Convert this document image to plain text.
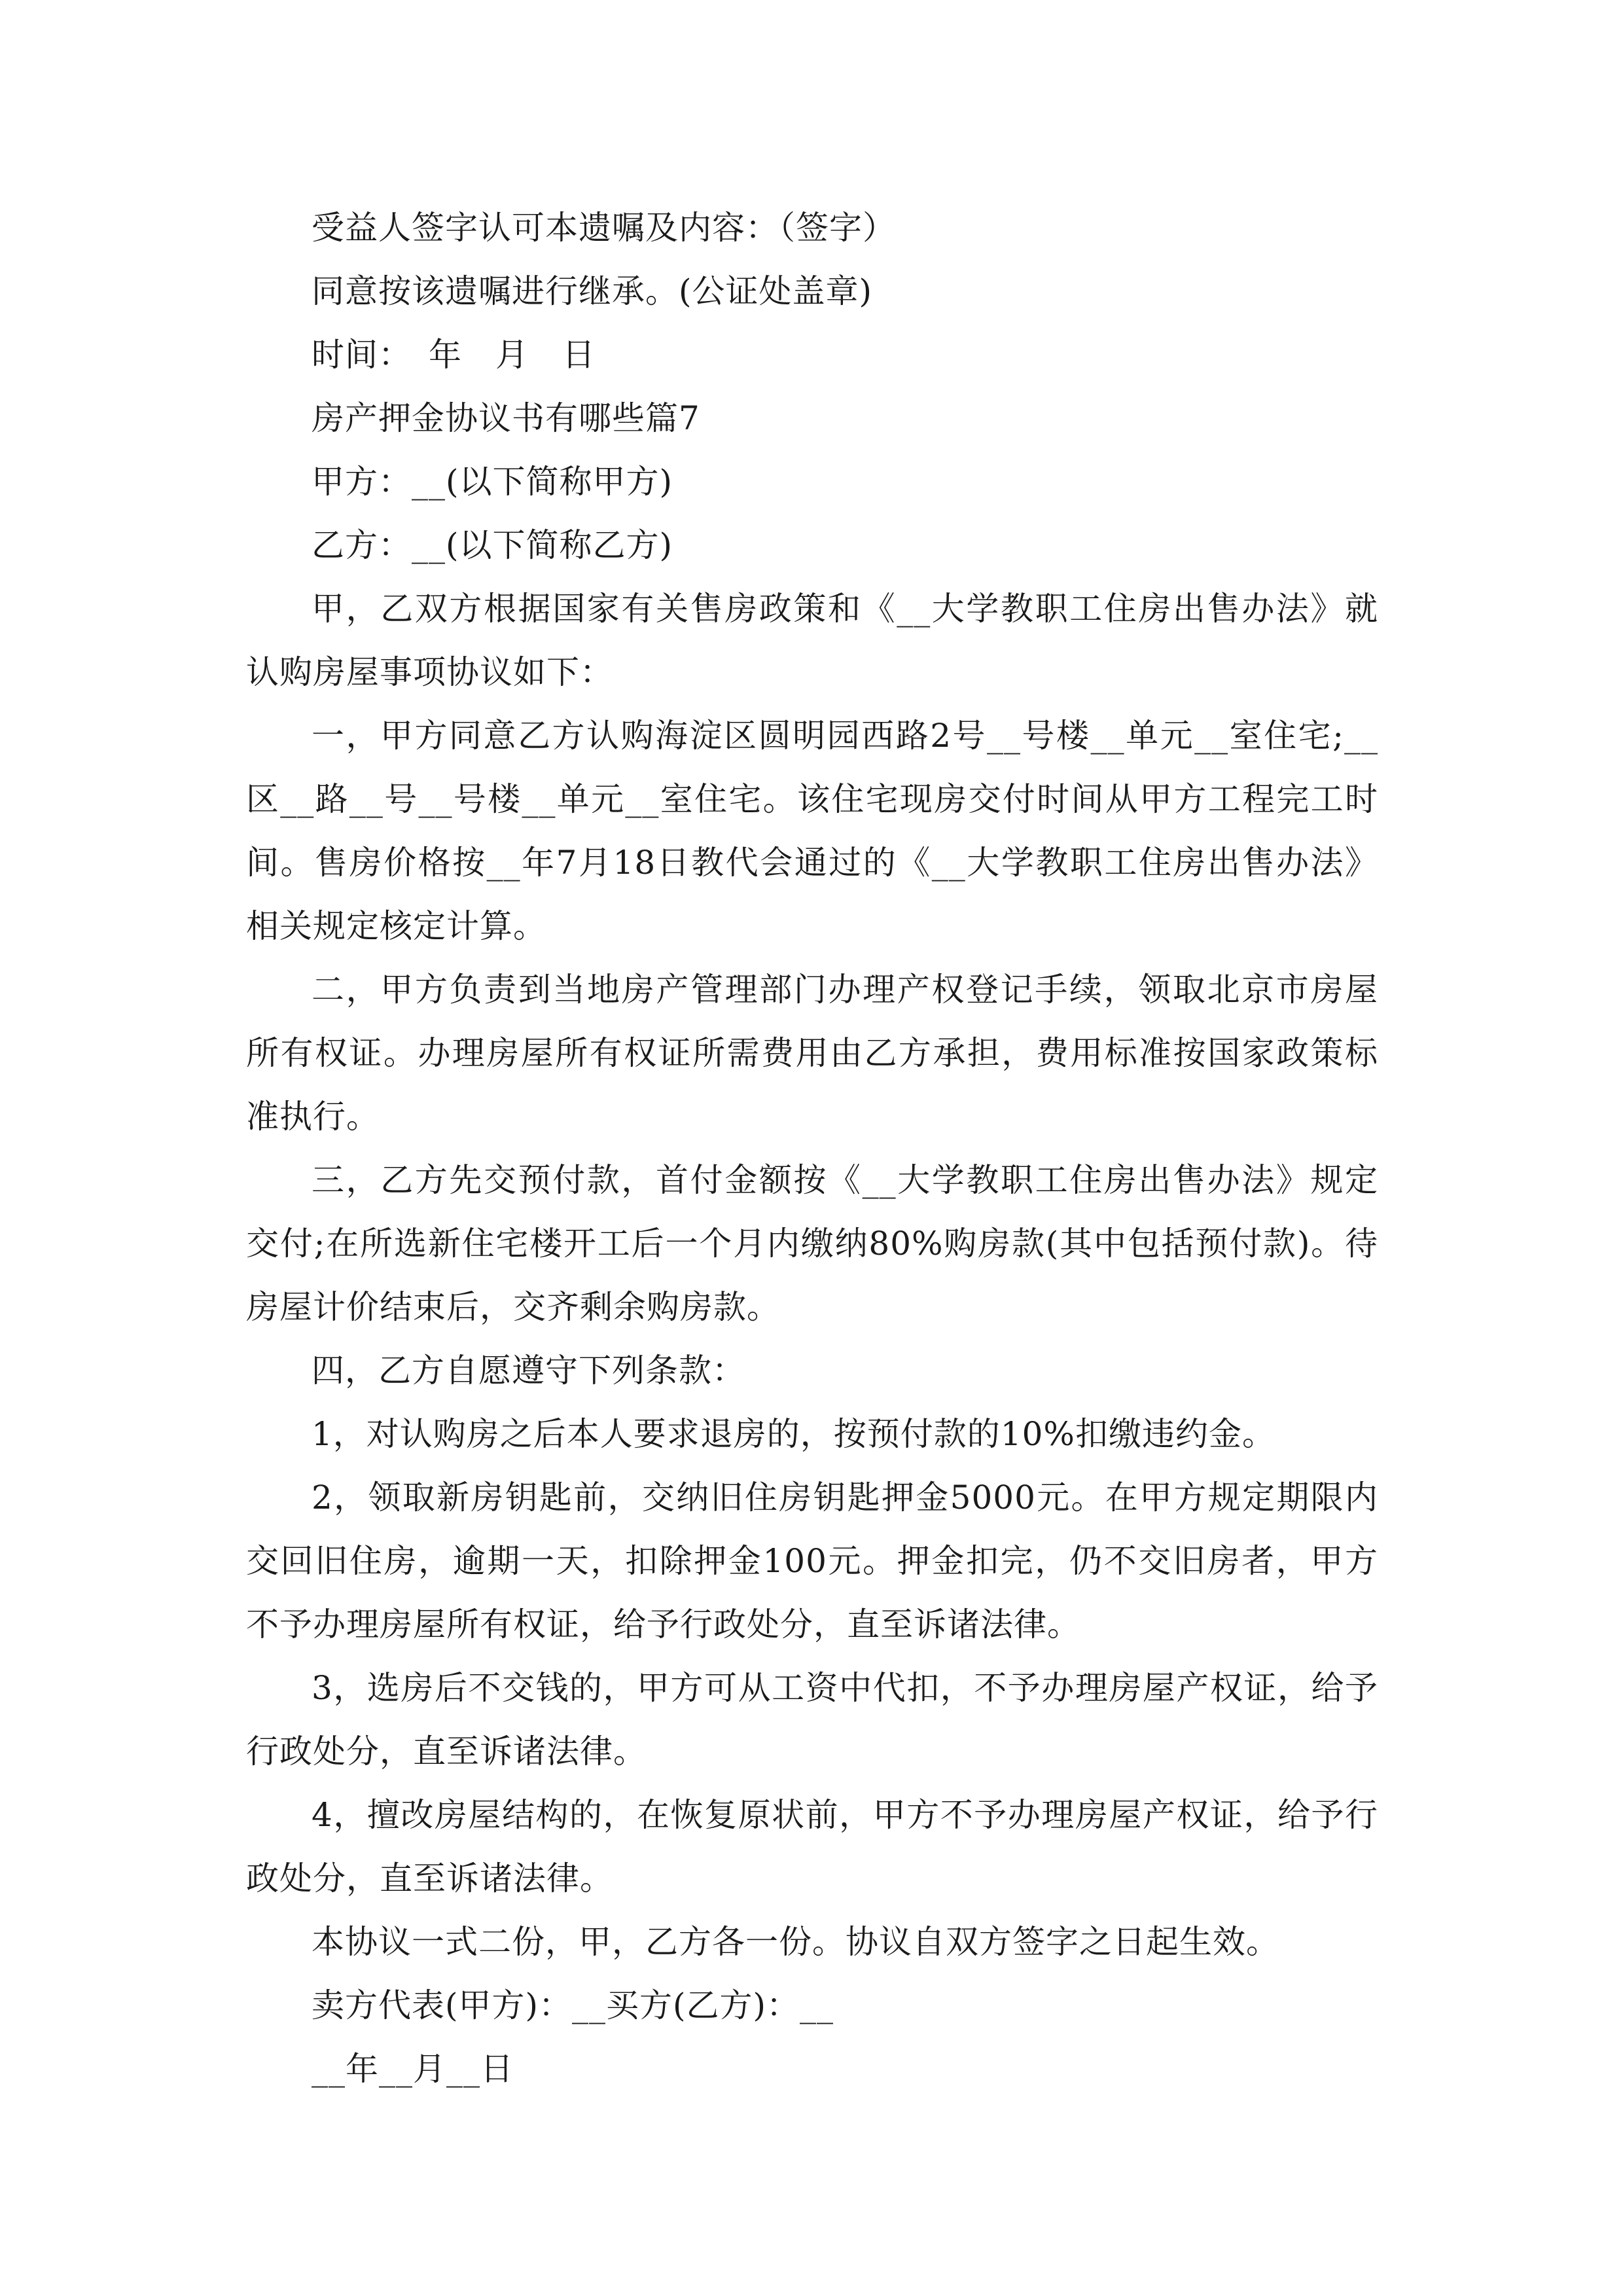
受益人签字认可本遗嘱及内容：（签字）

同意按该遗嘱进行继承。(公证处盖章)

时间：　年　月　日

房产押金协议书有哪些篇7

甲方：__(以下简称甲方)

乙方：__(以下简称乙方)

甲，乙双方根据国家有关售房政策和《__大学教职工住房出售办法》就认购房屋事项协议如下：

一，甲方同意乙方认购海淀区圆明园西路2号__号楼__单元__室住宅;__区__路__号__号楼__单元__室住宅。该住宅现房交付时间从甲方工程完工时间。售房价格按__年7月18日教代会通过的《__大学教职工住房出售办法》相关规定核定计算。

二，甲方负责到当地房产管理部门办理产权登记手续，领取北京市房屋所有权证。办理房屋所有权证所需费用由乙方承担，费用标准按国家政策标准执行。

三，乙方先交预付款，首付金额按《__大学教职工住房出售办法》规定交付;在所选新住宅楼开工后一个月内缴纳80%购房款(其中包括预付款)。待房屋计价结束后，交齐剩余购房款。

四，乙方自愿遵守下列条款：

1，对认购房之后本人要求退房的，按预付款的10%扣缴违约金。

2，领取新房钥匙前，交纳旧住房钥匙押金5000元。在甲方规定期限内交回旧住房，逾期一天，扣除押金100元。押金扣完，仍不交旧房者，甲方不予办理房屋所有权证，给予行政处分，直至诉诸法律。

3，选房后不交钱的，甲方可从工资中代扣，不予办理房屋产权证，给予行政处分，直至诉诸法律。

4，擅改房屋结构的，在恢复原状前，甲方不予办理房屋产权证，给予行政处分，直至诉诸法律。

本协议一式二份，甲，乙方各一份。协议自双方签字之日起生效。

卖方代表(甲方)：__买方(乙方)：__

__年__月__日
